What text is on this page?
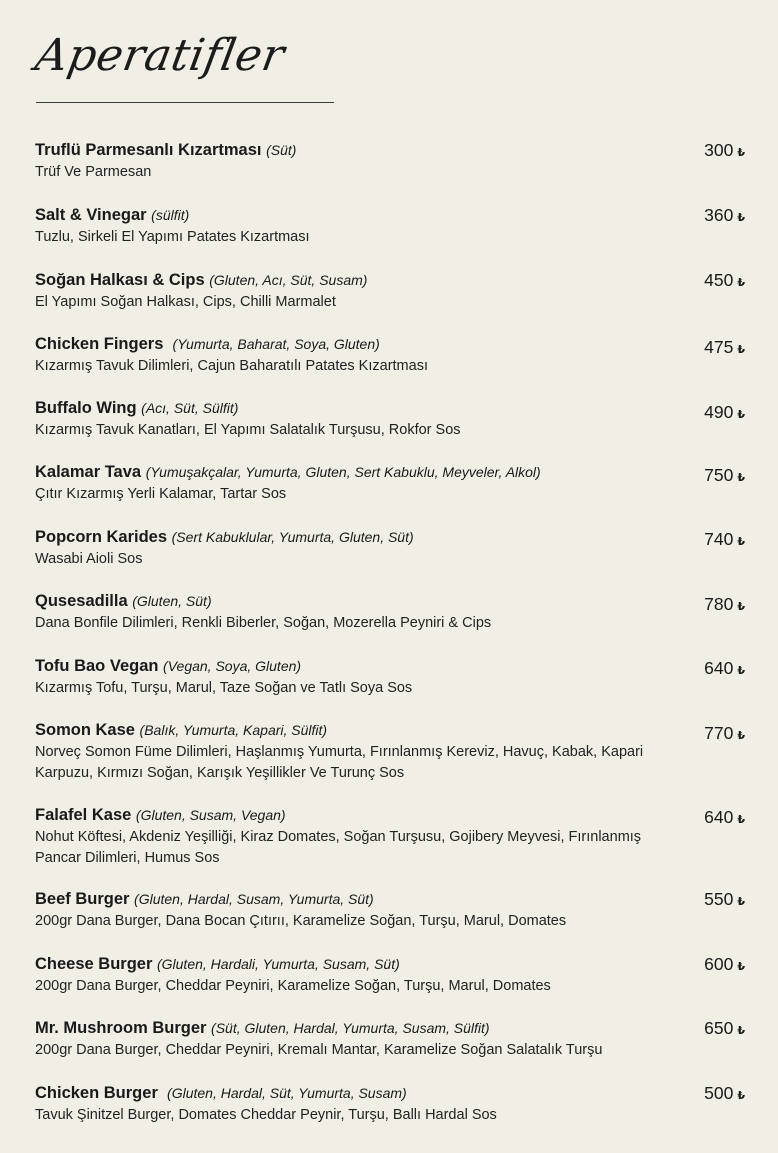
Aperatifler
Truflü Parmesanlı Kızartması (Süt)
Trüf Ve Parmesan
300 ₺
Salt & Vinegar (sülfit)
Tuzlu, Sirkeli El Yapımı Patates Kızartması
360 ₺
Soğan Halkası & Cips (Gluten, Acı, Süt, Susam)
El Yapımı Soğan Halkası, Cips, Chilli Marmalet
450 ₺
Chicken Fingers (Yumurta, Baharat, Soya, Gluten)
Kızarmış Tavuk Dilimleri, Cajun Baharatılı Patates Kızartması
475 ₺
Buffalo Wing (Acı, Süt, Sülfit)
Kızarmış Tavuk Kanatları, El Yapımı Salatalık Turşusu, Rokfor Sos
490 ₺
Kalamar Tava (Yumuşakçalar, Yumurta, Gluten, Sert Kabuklu, Meyveler, Alkol)
Çıtır Kızarmış Yerli Kalamar, Tartar Sos
750 ₺
Popcorn Karides (Sert Kabuklular, Yumurta, Gluten, Süt)
Wasabi Aioli Sos
740 ₺
Qusesadilla (Gluten, Süt)
Dana Bonfile Dilimleri, Renkli Biberler, Soğan, Mozerella Peyniri & Cips
780 ₺
Tofu Bao Vegan (Vegan, Soya, Gluten)
Kızarmış Tofu, Turşu, Marul, Taze Soğan ve Tatlı Soya Sos
640 ₺
Somon Kase (Balık, Yumurta, Kapari, Sülfit)
Norveç Somon Füme Dilimleri, Haşlanmış Yumurta, Fırınlanmış Kereviz, Havuç, Kabak, Kapari Karpuzu, Kırmızı Soğan, Karışık Yeşillikler Ve Turunç Sos
770 ₺
Falafel Kase (Gluten, Susam, Vegan)
Nohut Köftesi, Akdeniz Yeşilliği, Kiraz Domates, Soğan Turşusu, Gojibery Meyvesi, Fırınlanmış Pancar Dilimleri, Humus Sos
640 ₺
Beef Burger (Gluten, Hardal, Susam, Yumurta, Süt)
200gr Dana Burger, Dana Bocan Çıtırıı, Karamelize Soğan, Turşu, Marul, Domates
550 ₺
Cheese Burger (Gluten, Hardali, Yumurta, Susam, Süt)
200gr Dana Burger, Cheddar Peyniri, Karamelize Soğan, Turşu, Marul, Domates
600 ₺
Mr. Mushroom Burger (Süt, Gluten, Hardal, Yumurta, Susam, Sülfit)
200gr Dana Burger, Cheddar Peyniri, Kremalı Mantar, Karamelize Soğan Salatalık Turşu
650 ₺
Chicken Burger (Gluten, Hardal, Süt, Yumurta, Susam)
Tavuk Şinitzel Burger, Domates Cheddar Peynir, Turşu, Ballı Hardal Sos
500 ₺
